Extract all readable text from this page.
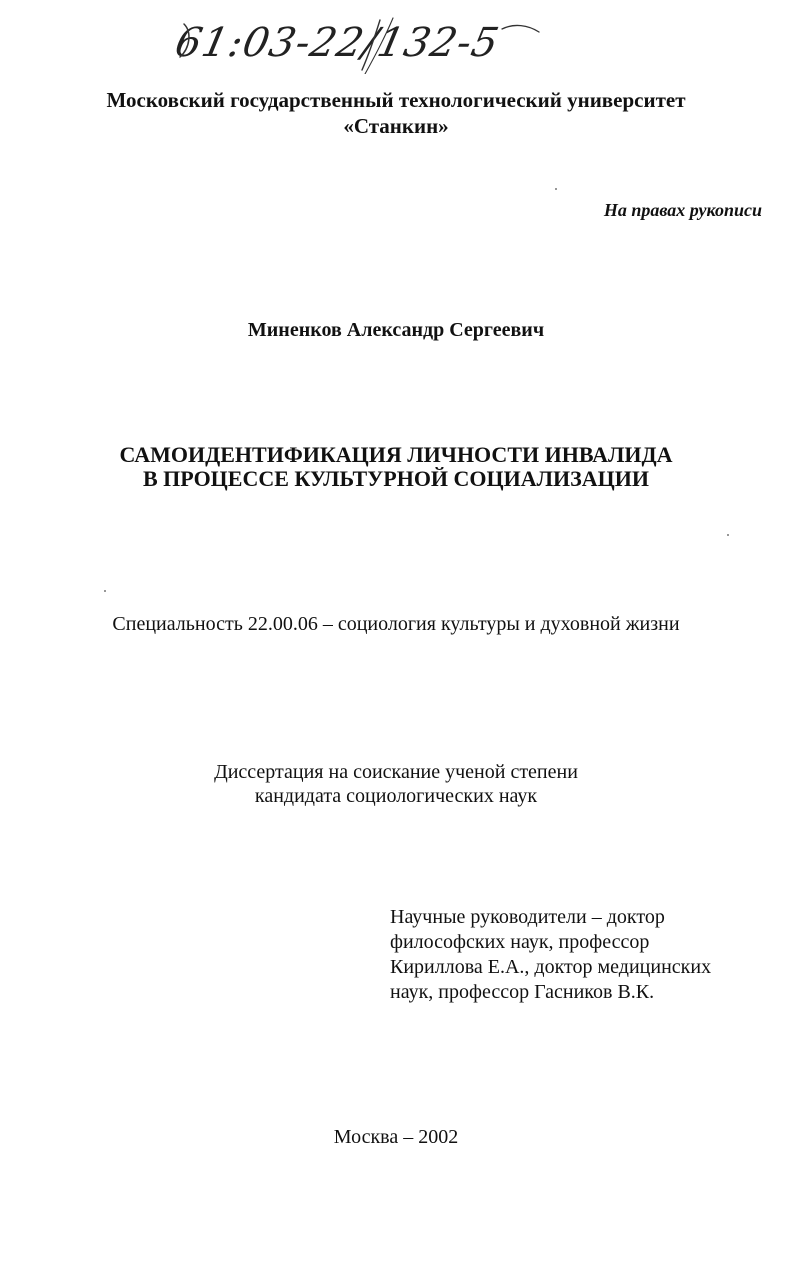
61:03-22/132-5
Московский государственный технологический университет
«Станкин»
На правах рукописи
Миненков Александр Сергеевич
САМОИДЕНТИФИКАЦИЯ ЛИЧНОСТИ ИНВАЛИДА
В ПРОЦЕССЕ КУЛЬТУРНОЙ СОЦИАЛИЗАЦИИ
Специальность 22.00.06 – социология культуры и духовной жизни
Диссертация на соискание ученой степени
кандидата социологических наук
Научные руководители – доктор
философских наук, профессор
Кириллова Е.А., доктор медицинских
наук, профессор Гасников В.К.
Москва – 2002
